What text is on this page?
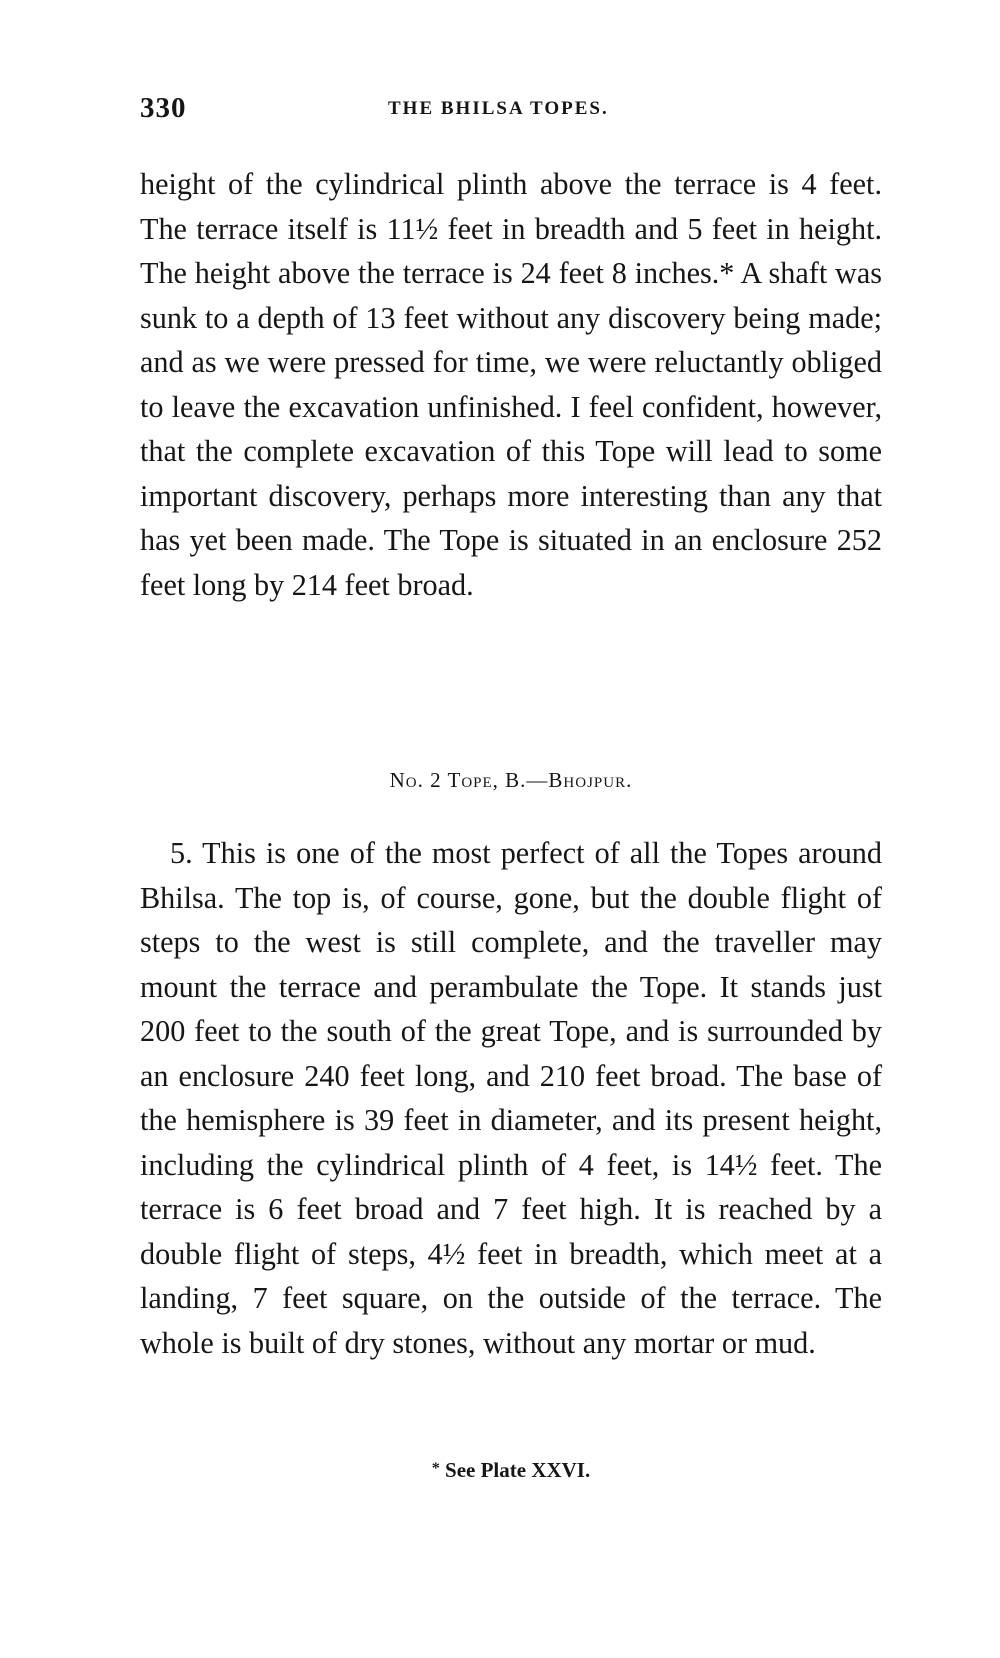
330	THE BHILSA TOPES.
height of the cylindrical plinth above the terrace is 4 feet. The terrace itself is 11½ feet in breadth and 5 feet in height. The height above the terrace is 24 feet 8 inches.* A shaft was sunk to a depth of 13 feet without any discovery being made; and as we were pressed for time, we were reluctantly obliged to leave the excavation unfinished. I feel confident, however, that the complete excavation of this Tope will lead to some important discovery, perhaps more interesting than any that has yet been made. The Tope is situated in an enclosure 252 feet long by 214 feet broad.
No. 2 Tope, B.—Bhojpur.
5. This is one of the most perfect of all the Topes around Bhilsa. The top is, of course, gone, but the double flight of steps to the west is still complete, and the traveller may mount the terrace and perambulate the Tope. It stands just 200 feet to the south of the great Tope, and is surrounded by an enclosure 240 feet long, and 210 feet broad. The base of the hemisphere is 39 feet in diameter, and its present height, including the cylindrical plinth of 4 feet, is 14½ feet. The terrace is 6 feet broad and 7 feet high. It is reached by a double flight of steps, 4½ feet in breadth, which meet at a landing, 7 feet square, on the outside of the terrace. The whole is built of dry stones, without any mortar or mud.
* See Plate XXVI.
